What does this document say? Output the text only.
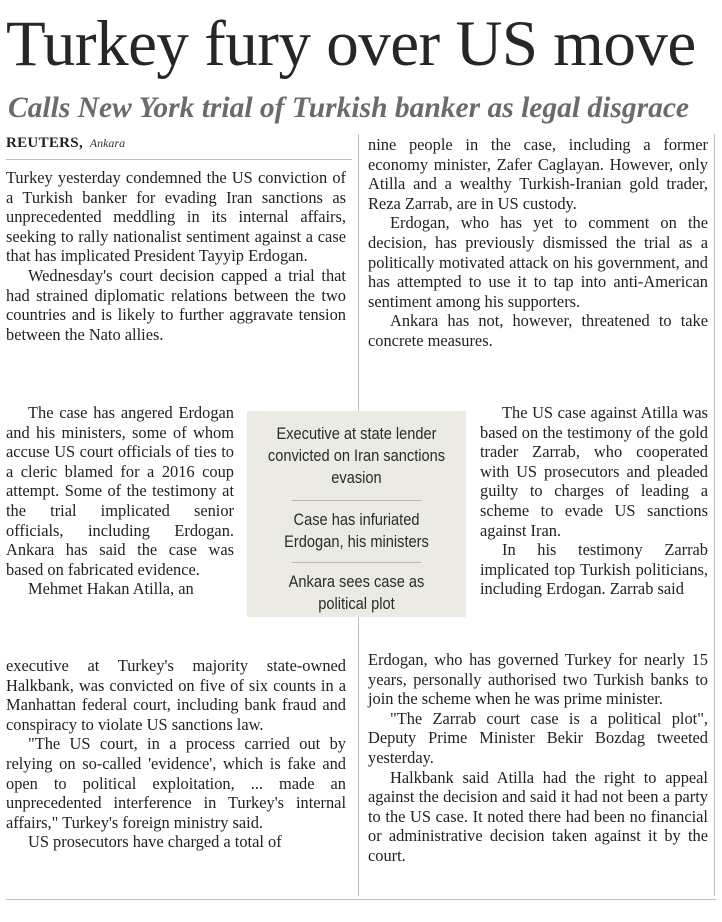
Turkey fury over US move
Calls New York trial of Turkish banker as legal disgrace
REUTERS, Ankara

Turkey yesterday condemned the US conviction of a Turkish banker for evading Iran sanctions as unprecedented meddling in its internal affairs, seeking to rally nationalist sentiment against a case that has implicated President Tayyip Erdogan.

Wednesday's court decision capped a trial that had strained diplomatic relations between the two countries and is likely to further aggravate tension between the Nato allies.

The case has angered Erdogan and his ministers, some of whom accuse US court officials of ties to a cleric blamed for a 2016 coup attempt. Some of the testimony at the trial implicated senior officials, including Erdogan. Ankara has said the case was based on fabricated evidence.

Mehmet Hakan Atilla, an

executive at Turkey's majority state-owned Halkbank, was convicted on five of six counts in a Manhattan federal court, including bank fraud and conspiracy to violate US sanctions law.

"The US court, in a process carried out by relying on so-called 'evidence', which is fake and open to political exploitation, ... made an unprecedented interference in Turkey's internal affairs," Turkey's foreign ministry said.

US prosecutors have charged a total of

nine people in the case, including a former economy minister, Zafer Caglayan. However, only Atilla and a wealthy Turkish-Iranian gold trader, Reza Zarrab, are in US custody.

Erdogan, who has yet to comment on the decision, has previously dismissed the trial as a politically motivated attack on his government, and has attempted to use it to tap into anti-American sentiment among his supporters.

Ankara has not, however, threatened to take concrete measures.

The US case against Atilla was based on the testimony of the gold trader Zarrab, who cooperated with US prosecutors and pleaded guilty to charges of leading a scheme to evade US sanctions against Iran.

In his testimony Zarrab implicated top Turkish politicians, including Erdogan. Zarrab said

Erdogan, who has governed Turkey for nearly 15 years, personally authorised two Turkish banks to join the scheme when he was prime minister.

"The Zarrab court case is a political plot", Deputy Prime Minister Bekir Bozdag tweeted yesterday.

Halkbank said Atilla had the right to appeal against the decision and said it had not been a party to the US case. It noted there had been no financial or administrative decision taken against it by the court.

Executive at state lender convicted on Iran sanctions evasion
Case has infuriated Erdogan, his ministers
Ankara sees case as political plot
